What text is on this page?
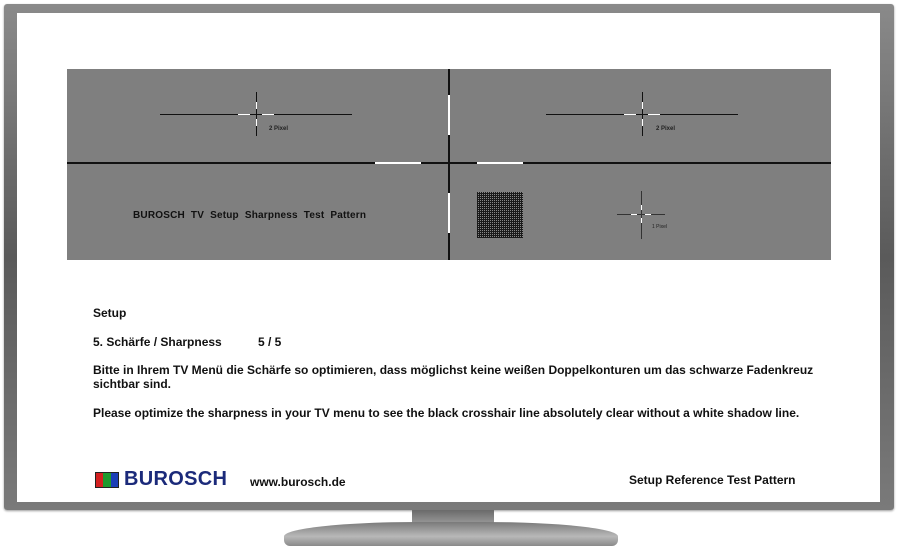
2 Pixel	2 Pixel
BUROSCH TV Setup Sharpness Test Pattern
1 Pixel
Setup
5. Schärfe / Sharpness	5 / 5
Bitte in Ihrem TV Menü die Schärfe so optimieren, dass möglichst keine weißen Doppelkonturen um das schwarze Fadenkreuz sichtbar sind.
Please optimize the sharpness in your TV menu to see the black crosshair line absolutely clear without a white shadow line.
BUROSCH www.burosch.de	Setup Reference Test Pattern
